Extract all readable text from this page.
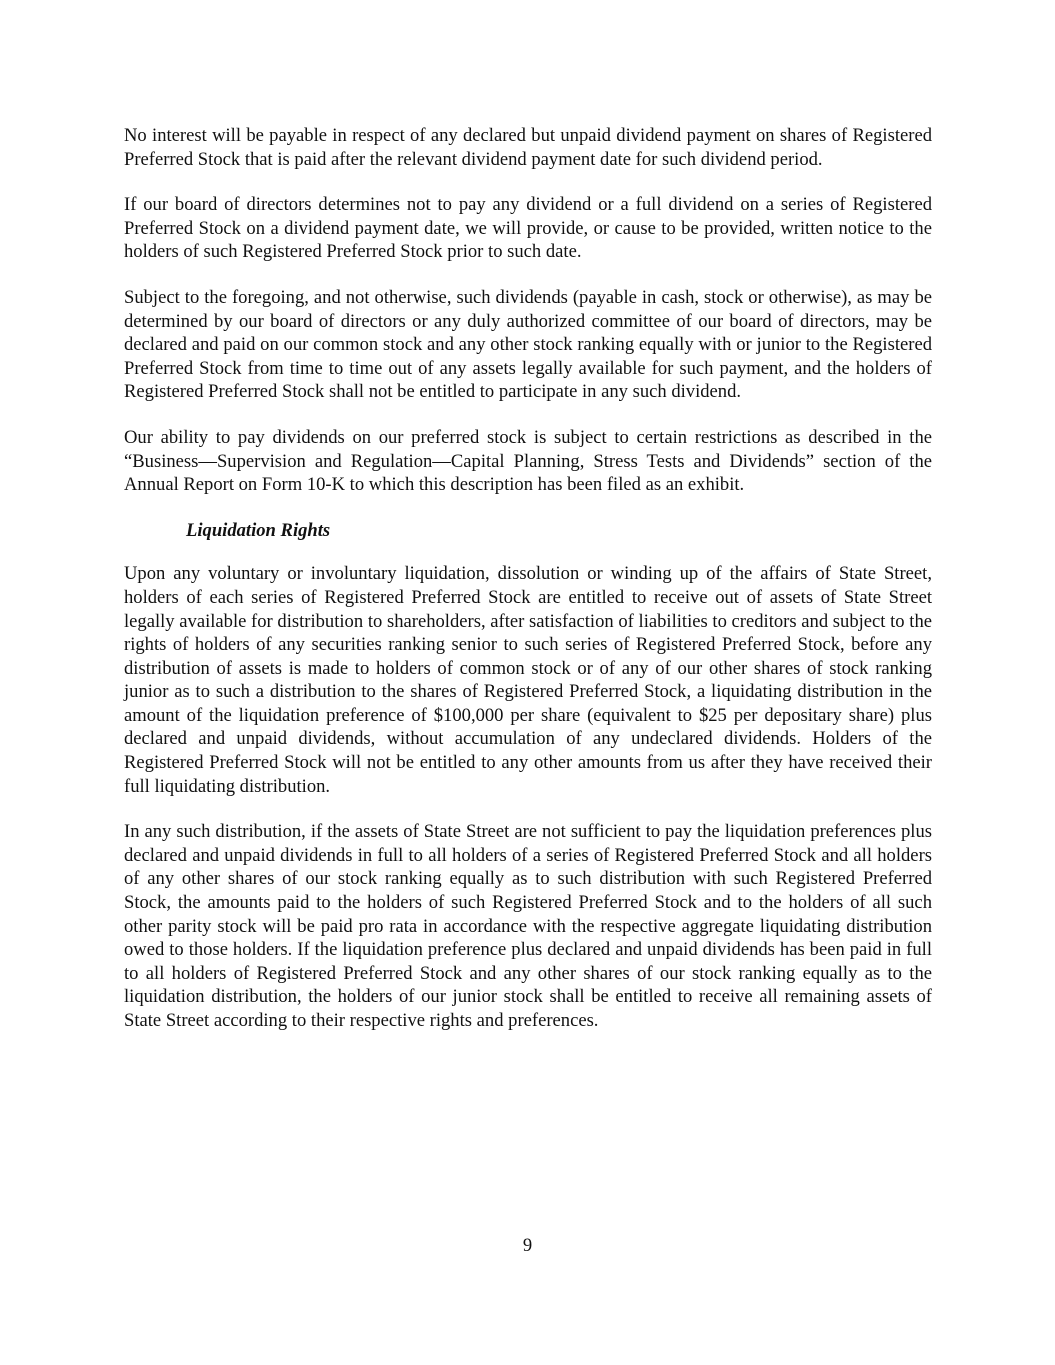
No interest will be payable in respect of any declared but unpaid dividend payment on shares of Registered Preferred Stock that is paid after the relevant dividend payment date for such dividend period.

If our board of directors determines not to pay any dividend or a full dividend on a series of Registered Preferred Stock on a dividend payment date, we will provide, or cause to be provided, written notice to the holders of such Registered Preferred Stock prior to such date.

Subject to the foregoing, and not otherwise, such dividends (payable in cash, stock or otherwise), as may be determined by our board of directors or any duly authorized committee of our board of directors, may be declared and paid on our common stock and any other stock ranking equally with or junior to the Registered Preferred Stock from time to time out of any assets legally available for such payment, and the holders of Registered Preferred Stock shall not be entitled to participate in any such dividend.

Our ability to pay dividends on our preferred stock is subject to certain restrictions as described in the “Business—Supervision and Regulation—Capital Planning, Stress Tests and Dividends” section of the Annual Report on Form 10-K to which this description has been filed as an exhibit.

Liquidation Rights

Upon any voluntary or involuntary liquidation, dissolution or winding up of the affairs of State Street, holders of each series of Registered Preferred Stock are entitled to receive out of assets of State Street legally available for distribution to shareholders, after satisfaction of liabilities to creditors and subject to the rights of holders of any securities ranking senior to such series of Registered Preferred Stock, before any distribution of assets is made to holders of common stock or of any of our other shares of stock ranking junior as to such a distribution to the shares of Registered Preferred Stock, a liquidating distribution in the amount of the liquidation preference of $100,000 per share (equivalent to $25 per depositary share) plus declared and unpaid dividends, without accumulation of any undeclared dividends. Holders of the Registered Preferred Stock will not be entitled to any other amounts from us after they have received their full liquidating distribution.

In any such distribution, if the assets of State Street are not sufficient to pay the liquidation preferences plus declared and unpaid dividends in full to all holders of a series of Registered Preferred Stock and all holders of any other shares of our stock ranking equally as to such distribution with such Registered Preferred Stock, the amounts paid to the holders of such Registered Preferred Stock and to the holders of all such other parity stock will be paid pro rata in accordance with the respective aggregate liquidating distribution owed to those holders. If the liquidation preference plus declared and unpaid dividends has been paid in full to all holders of Registered Preferred Stock and any other shares of our stock ranking equally as to the liquidation distribution, the holders of our junior stock shall be entitled to receive all remaining assets of State Street according to their respective rights and preferences.

9
